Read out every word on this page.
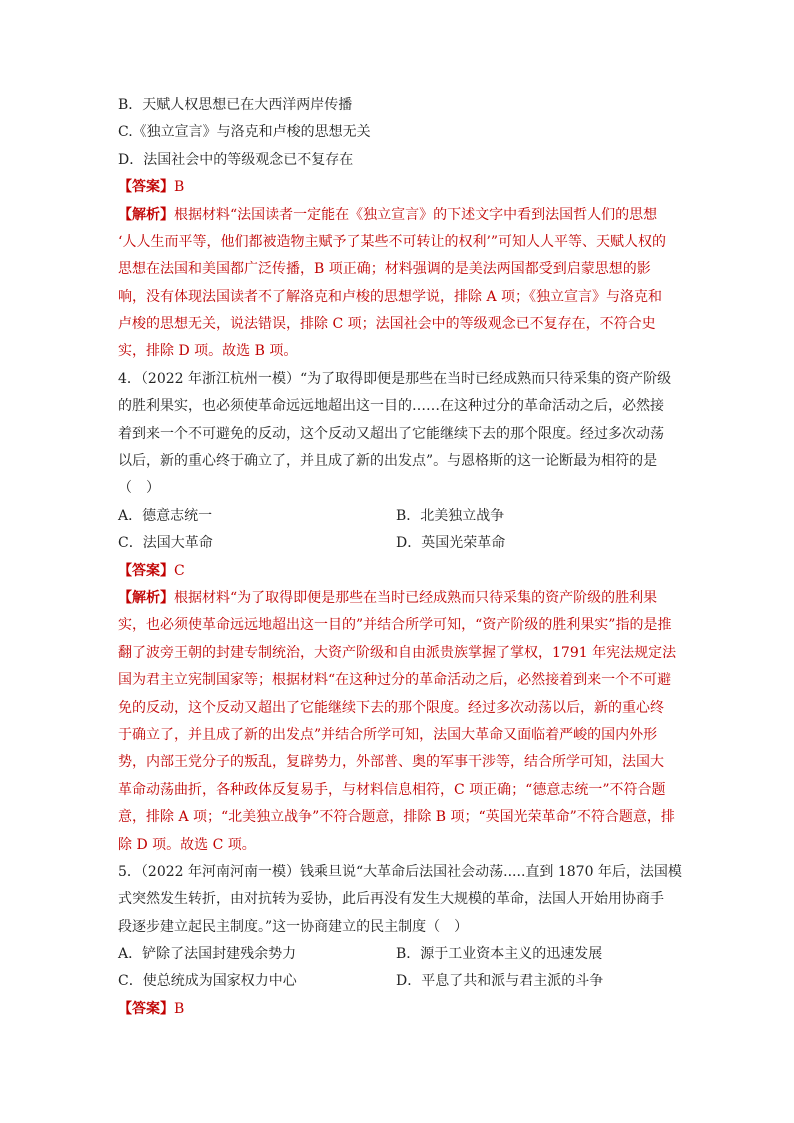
B．天赋人权思想已在大西洋两岸传播
C.《独立宣言》与洛克和卢梭的思想无关
D．法国社会中的等级观念已不复存在
【答案】B
【解析】根据材料“法国读者一定能在《独立宣言》的下述文字中看到法国哲人们的思想
‘人人生而平等，他们都被造物主赋予了某些不可转让的权利’”可知人人平等、天赋人权的
思想在法国和美国都广泛传播，B 项正确；材料强调的是美法两国都受到启蒙思想的影
响，没有体现法国读者不了解洛克和卢梭的思想学说，排除 A 项；《独立宣言》与洛克和
卢梭的思想无关，说法错误，排除 C 项；法国社会中的等级观念已不复存在，不符合史
实，排除 D 项。故选 B 项。
4．（2022 年浙江杭州一模）“为了取得即便是那些在当时已经成熟而只待采集的资产阶级
的胜利果实，也必须使革命远远地超出这一目的……在这种过分的革命活动之后，必然接
着到来一个不可避免的反动，这个反动又超出了它能继续下去的那个限度。经过多次动荡
以后，新的重心终于确立了，并且成了新的出发点”。与恩格斯的这一论断最为相符的是
（　）
A．德意志统一	B．北美独立战争
C．法国大革命	D．英国光荣革命
【答案】C
【解析】根据材料“为了取得即便是那些在当时已经成熟而只待采集的资产阶级的胜利果
实，也必须使革命远远地超出这一目的”并结合所学可知，“资产阶级的胜利果实”指的是推
翻了波旁王朝的封建专制统治，大资产阶级和自由派贵族掌握了掌权，1791 年宪法规定法
国为君主立宪制国家等；根据材料“在这种过分的革命活动之后，必然接着到来一个不可避
免的反动，这个反动又超出了它能继续下去的那个限度。经过多次动荡以后，新的重心终
于确立了，并且成了新的出发点”并结合所学可知，法国大革命又面临着严峻的国内外形
势，内部王党分子的叛乱，复辟势力，外部普、奥的军事干涉等，结合所学可知，法国大
革命动荡曲折，各种政体反复易手，与材料信息相符，C 项正确；“德意志统一”不符合题
意，排除 A 项；“北美独立战争”不符合题意，排除 B 项；“英国光荣革命”不符合题意，排
除 D 项。故选 C 项。
5．（2022 年河南河南一模）钱乘旦说“大革命后法国社会动荡.....直到 1870 年后，法国模
式突然发生转折，由对抗转为妥协，此后再没有发生大规模的革命，法国人开始用协商手
段逐步建立起民主制度。”这一协商建立的民主制度（　）
A．铲除了法国封建残余势力	B．源于工业资本主义的迅速发展
C．使总统成为国家权力中心	D．平息了共和派与君主派的斗争
【答案】B
